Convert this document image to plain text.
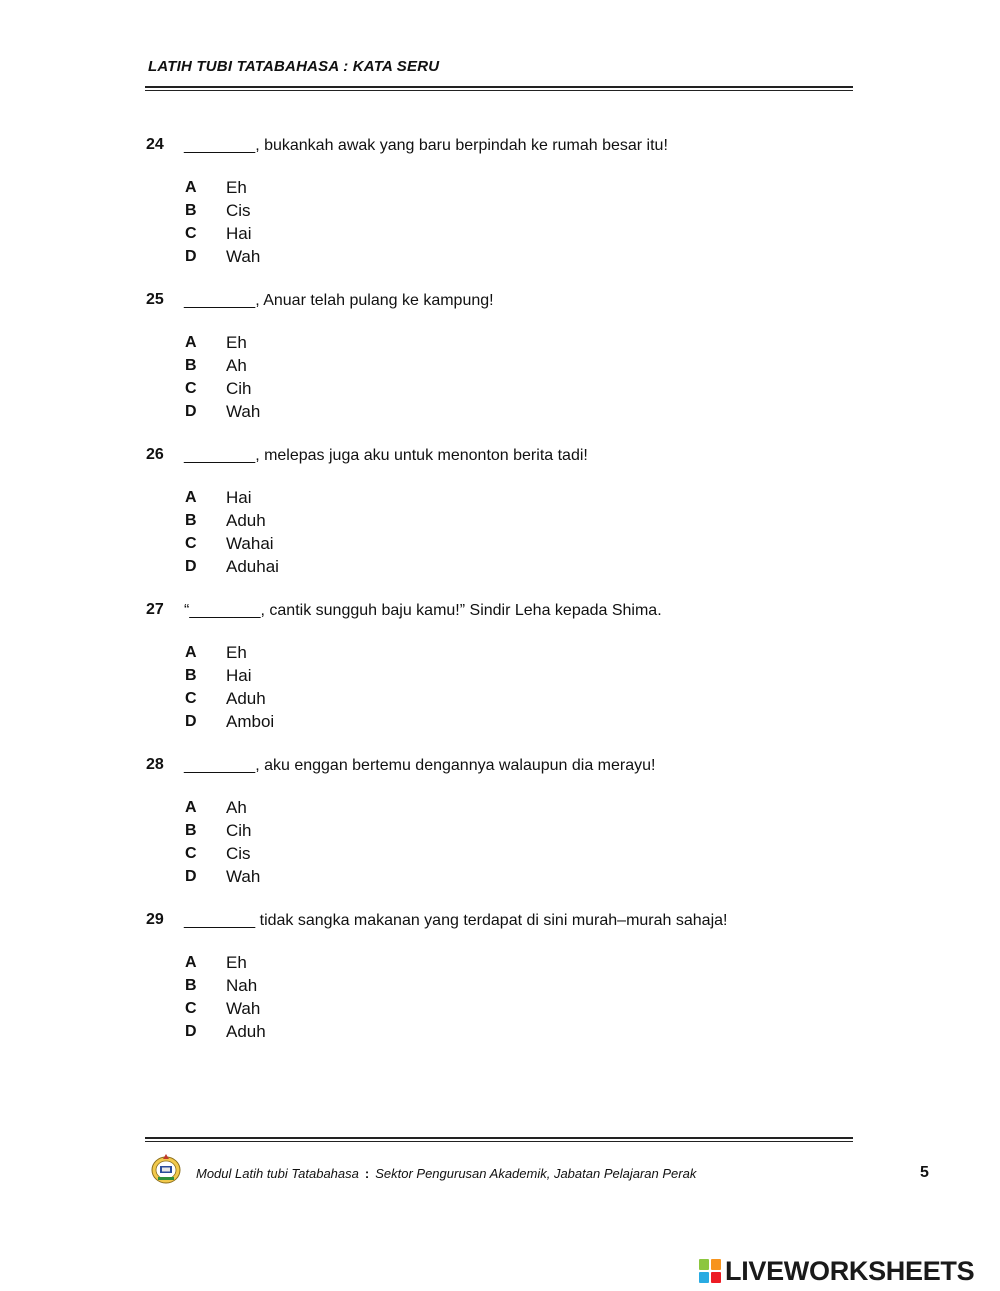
LATIH TUBI TATABAHASA : KATA SERU
24 ________, bukankah awak yang baru berpindah ke rumah besar itu!
A Eh
B Cis
C Hai
D Wah
25 ________, Anuar telah pulang ke kampung!
A Eh
B Ah
C Cih
D Wah
26 ________, melepas juga aku untuk menonton berita tadi!
A Hai
B Aduh
C Wahai
D Aduhai
27 “________, cantik sungguh baju kamu!” Sindir Leha kepada Shima.
A Eh
B Hai
C Aduh
D Amboi
28 ________, aku enggan bertemu dengannya walaupun dia merayu!
A Ah
B Cih
C Cis
D Wah
29 ________ tidak sangka makanan yang terdapat di sini murah–murah sahaja!
A Eh
B Nah
C Wah
D Aduh
Modul Latih tubi Tatabahasa : Sektor Pengurusan Akademik, Jabatan Pelajaran Perak	5
LIVEWORKSHEETS
